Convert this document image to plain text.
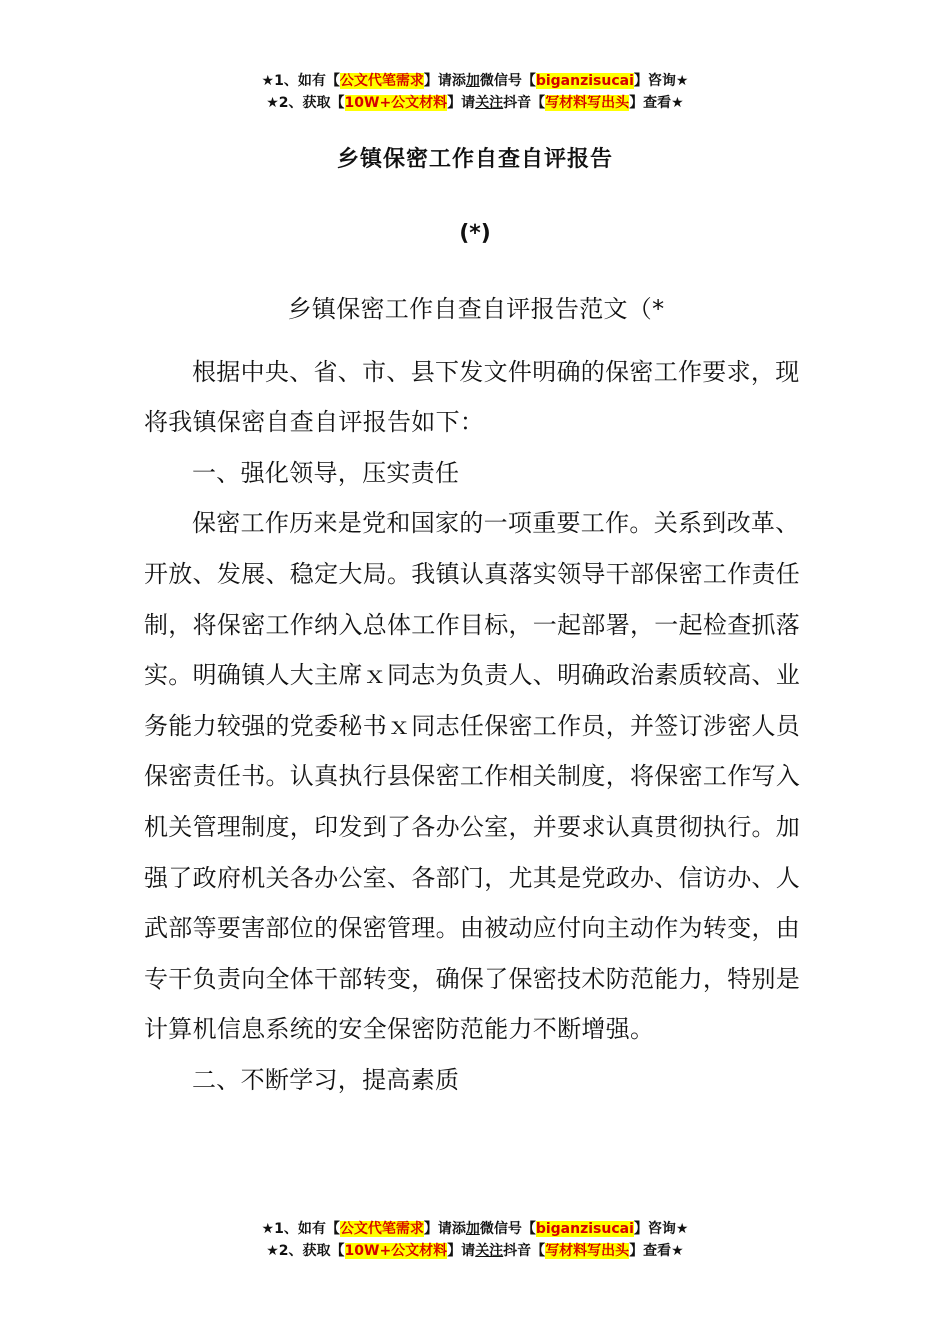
★1、如有【公文代笔需求】请添加微信号【biganzisucai】咨询★
★2、获取【10W+公文材料】请关注抖音【写材料写出头】查看★
乡镇保密工作自查自评报告
(*)

乡镇保密工作自查自评报告范文（*

根据中央、省、市、县下发文件明确的保密工作要求，现将我镇保密自查自评报告如下：

一、强化领导，压实责任

保密工作历来是党和国家的一项重要工作。关系到改革、开放、发展、稳定大局。我镇认真落实领导干部保密工作责任制，将保密工作纳入总体工作目标，一起部署，一起检查抓落实。明确镇人大主席ｘ同志为负责人、明确政治素质较高、业务能力较强的党委秘书ｘ同志任保密工作员，并签订涉密人员保密责任书。认真执行县保密工作相关制度，将保密工作写入机关管理制度，印发到了各办公室，并要求认真贯彻执行。加强了政府机关各办公室、各部门，尤其是党政办、信访办、人武部等要害部位的保密管理。由被动应付向主动作为转变，由专干负责向全体干部转变，确保了保密技术防范能力，特别是计算机信息系统的安全保密防范能力不断增强。

二、不断学习，提高素质

★1、如有【公文代笔需求】请添加微信号【biganzisucai】咨询★
★2、获取【10W+公文材料】请关注抖音【写材料写出头】查看★
